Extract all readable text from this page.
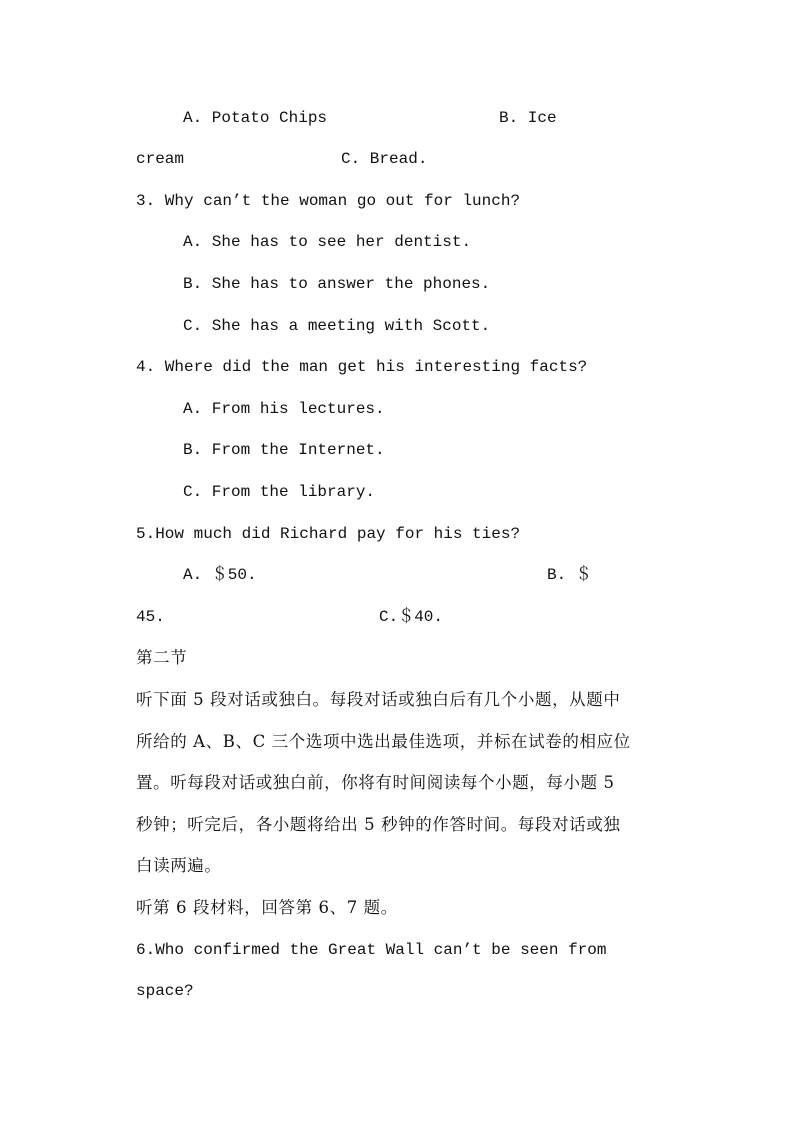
A. Potato Chips	B. Ice
cream	C. Bread.
3. Why can’t the woman go out for lunch?
A. She has to see her dentist.
B. She has to answer the phones.
C. She has a meeting with Scott.
4. Where did the man get his interesting facts?
A. From his lectures.
B. From the Internet.
C. From the library.
5.How much did Richard pay for his ties?
A. ＄50.	B. ＄
45.	C.＄40.
第二节
听下面 5 段对话或独白。每段对话或独白后有几个小题，从题中
所给的 A、B、C 三个选项中选出最佳选项，并标在试卷的相应位
置。听每段对话或独白前，你将有时间阅读每个小题，每小题 5
秒钟；听完后，各小题将给出 5 秒钟的作答时间。每段对话或独
白读两遍。
听第 6 段材料，回答第 6、7 题。
6.Who confirmed the Great Wall can’t be seen from
space?
